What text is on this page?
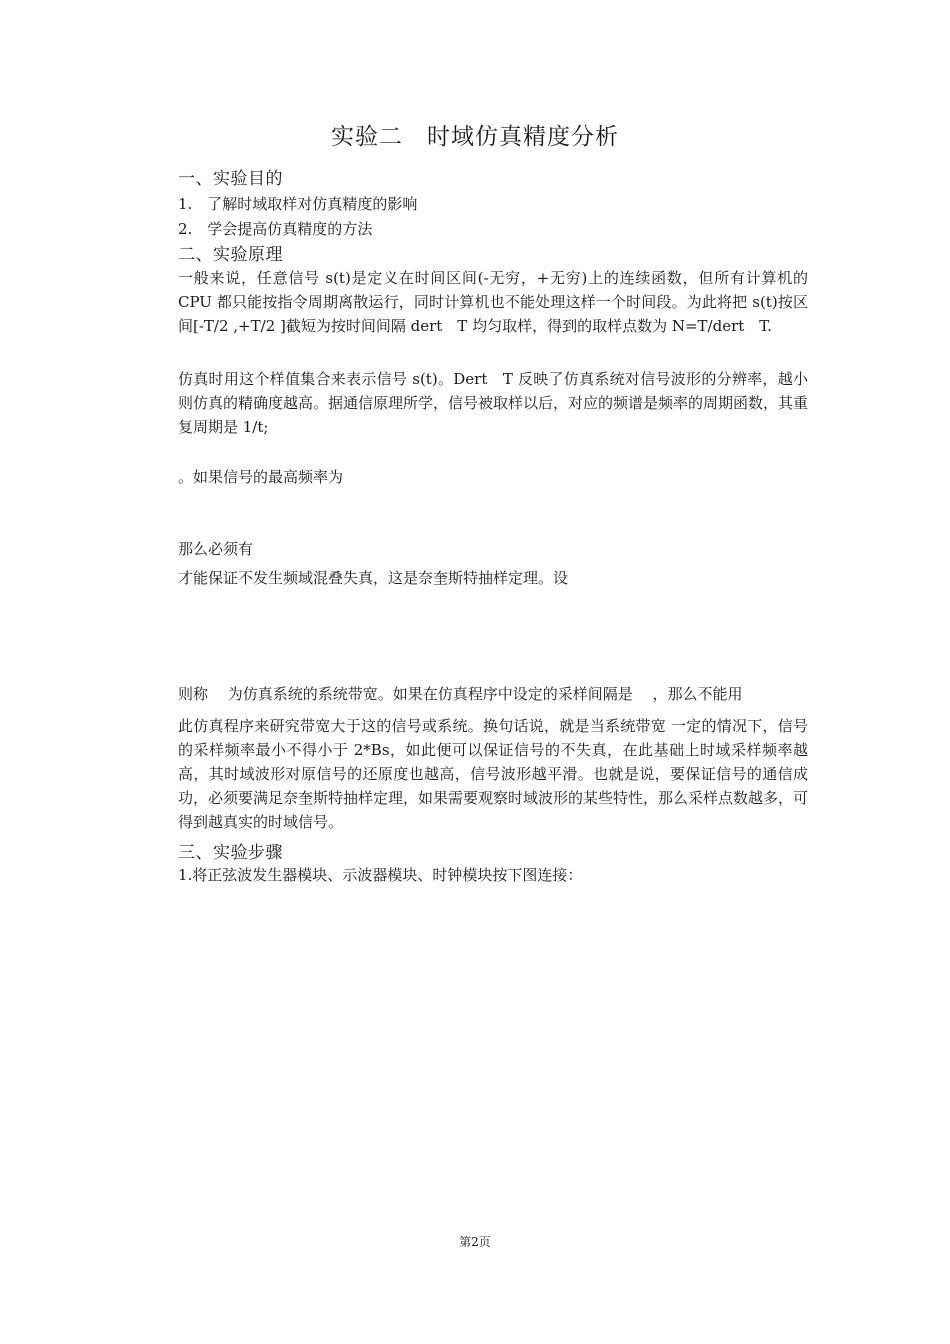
实验二　时域仿真精度分析
一、实验目的
1.　了解时域取样对仿真精度的影响
2.　学会提高仿真精度的方法
二、实验原理
一般来说，任意信号 s(t)是定义在时间区间(-无穷，+无穷)上的连续函数，但所有计算机的 CPU 都只能按指令周期离散运行，同时计算机也不能处理这样一个时间段。为此将把 s(t)按区间[-T/2 ,+T/2 ]截短为按时间间隔 dert　T 均匀取样，得到的取样点数为 N=T/dert　T.
仿真时用这个样值集合来表示信号 s(t)。Dert　T 反映了仿真系统对信号波形的分辨率，越小则仿真的精确度越高。据通信原理所学，信号被取样以后，对应的频谱是频率的周期函数，其重复周期是 1/t;
。如果信号的最高频率为
那么必须有
才能保证不发生频域混叠失真，这是奈奎斯特抽样定理。设
则称　 为仿真系统的系统带宽。如果在仿真程序中设定的采样间隔是　 ，那么不能用
此仿真程序来研究带宽大于这的信号或系统。换句话说，就是当系统带宽 一定的情况下，信号的采样频率最小不得小于 2*Bs，如此便可以保证信号的不失真，在此基础上时域采样频率越高，其时域波形对原信号的还原度也越高，信号波形越平滑。也就是说，要保证信号的通信成功，必须要满足奈奎斯特抽样定理，如果需要观察时域波形的某些特性，那么采样点数越多，可得到越真实的时域信号。
三、实验步骤
1.将正弦波发生器模块、示波器模块、时钟模块按下图连接：
第2页
